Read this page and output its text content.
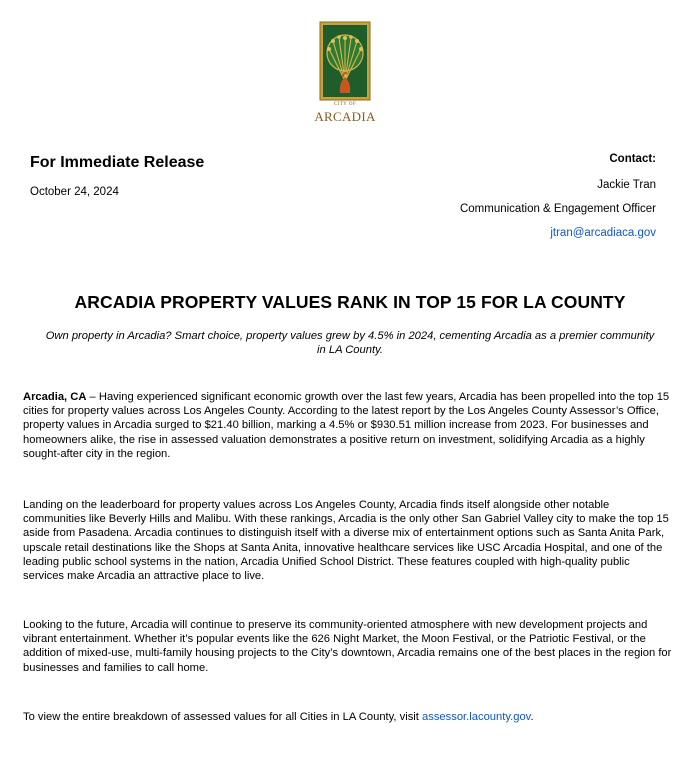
CITY OF
ARCADIA
For Immediate Release
October 24, 2024
Contact:
Jackie Tran
Communication & Engagement Officer
jtran@arcadiaca.gov
ARCADIA PROPERTY VALUES RANK IN TOP 15 FOR LA COUNTY

Own property in Arcadia? Smart choice, property values grew by 4.5% in 2024, cementing Arcadia as a premier community in LA County.

Arcadia, CA – Having experienced significant economic growth over the last few years, Arcadia has been propelled into the top 15 cities for property values across Los Angeles County. According to the latest report by the Los Angeles County Assessor’s Office, property values in Arcadia surged to $21.40 billion, marking a 4.5% or $930.51 million increase from 2023. For businesses and homeowners alike, the rise in assessed valuation demonstrates a positive return on investment, solidifying Arcadia as a highly sought-after city in the region.

Landing on the leaderboard for property values across Los Angeles County, Arcadia finds itself alongside other notable communities like Beverly Hills and Malibu. With these rankings, Arcadia is the only other San Gabriel Valley city to make the top 15 aside from Pasadena. Arcadia continues to distinguish itself with a diverse mix of entertainment options such as Santa Anita Park, upscale retail destinations like the Shops at Santa Anita, innovative healthcare services like USC Arcadia Hospital, and one of the leading public school systems in the nation, Arcadia Unified School District. These features coupled with high-quality public services make Arcadia an attractive place to live.

Looking to the future, Arcadia will continue to preserve its community-oriented atmosphere with new development projects and vibrant entertainment. Whether it’s popular events like the 626 Night Market, the Moon Festival, or the Patriotic Festival, or the addition of mixed-use, multi-family housing projects to the City’s downtown, Arcadia remains one of the best places in the region for businesses and families to call home.

To view the entire breakdown of assessed values for all Cities in LA County, visit assessor.lacounty.gov.
